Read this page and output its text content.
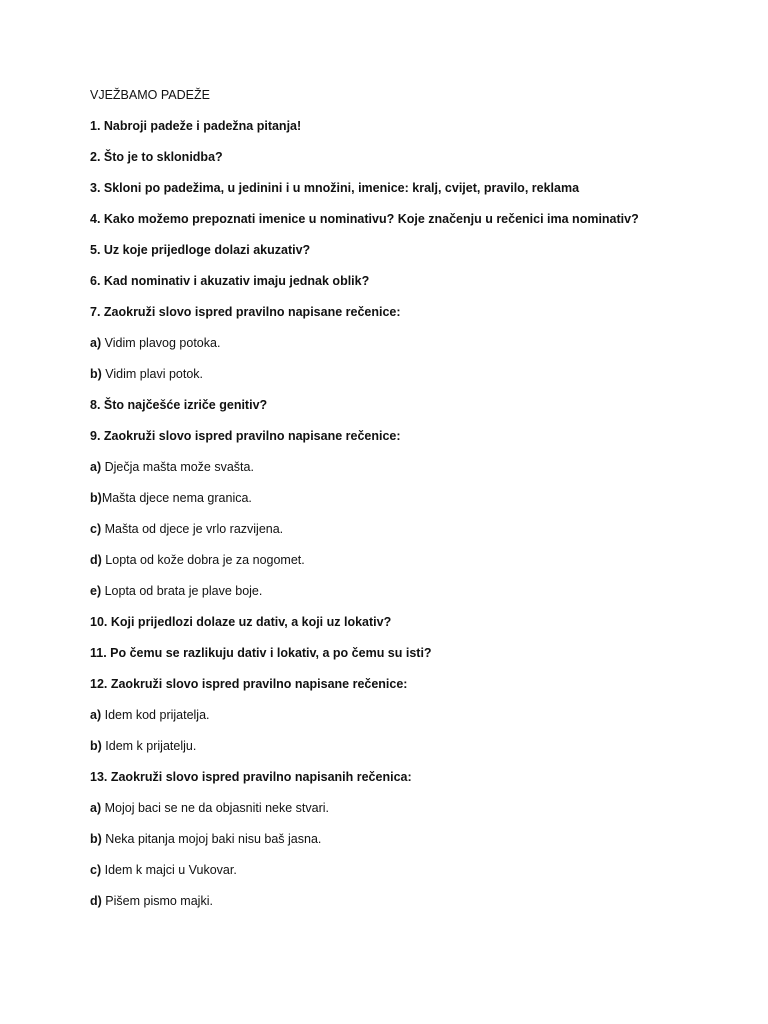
VJEŽBAMO PADEŽE
1. Nabroji padeže i padežna pitanja!
2. Što je to sklonidba?
3. Skloni po padežima, u jedinini i u množini, imenice: kralj, cvijet, pravilo, reklama
4. Kako možemo prepoznati imenice u nominativu? Koje značenju u rečenici ima nominativ?
5. Uz koje prijedloge dolazi akuzativ?
6. Kad nominativ i akuzativ imaju jednak oblik?
7. Zaokruži slovo ispred pravilno napisane rečenice:
a) Vidim plavog potoka.
b) Vidim plavi potok.
8. Što najčešće izriče genitiv?
9. Zaokruži slovo ispred pravilno napisane rečenice:
a) Dječja mašta može svašta.
b)Mašta djece nema granica.
c) Mašta od djece je vrlo razvijena.
d) Lopta od kože dobra je za nogomet.
e) Lopta od brata je plave boje.
10. Koji prijedlozi dolaze uz dativ, a koji uz lokativ?
11. Po čemu se razlikuju dativ i lokativ, a po čemu su isti?
12. Zaokruži slovo ispred pravilno napisane rečenice:
a) Idem kod prijatelja.
b) Idem k prijatelju.
13. Zaokruži slovo ispred pravilno napisanih rečenica:
a) Mojoj baci se ne da objasniti neke stvari.
b) Neka pitanja mojoj baki nisu baš jasna.
c) Idem k majci u Vukovar.
d) Pišem pismo majki.
